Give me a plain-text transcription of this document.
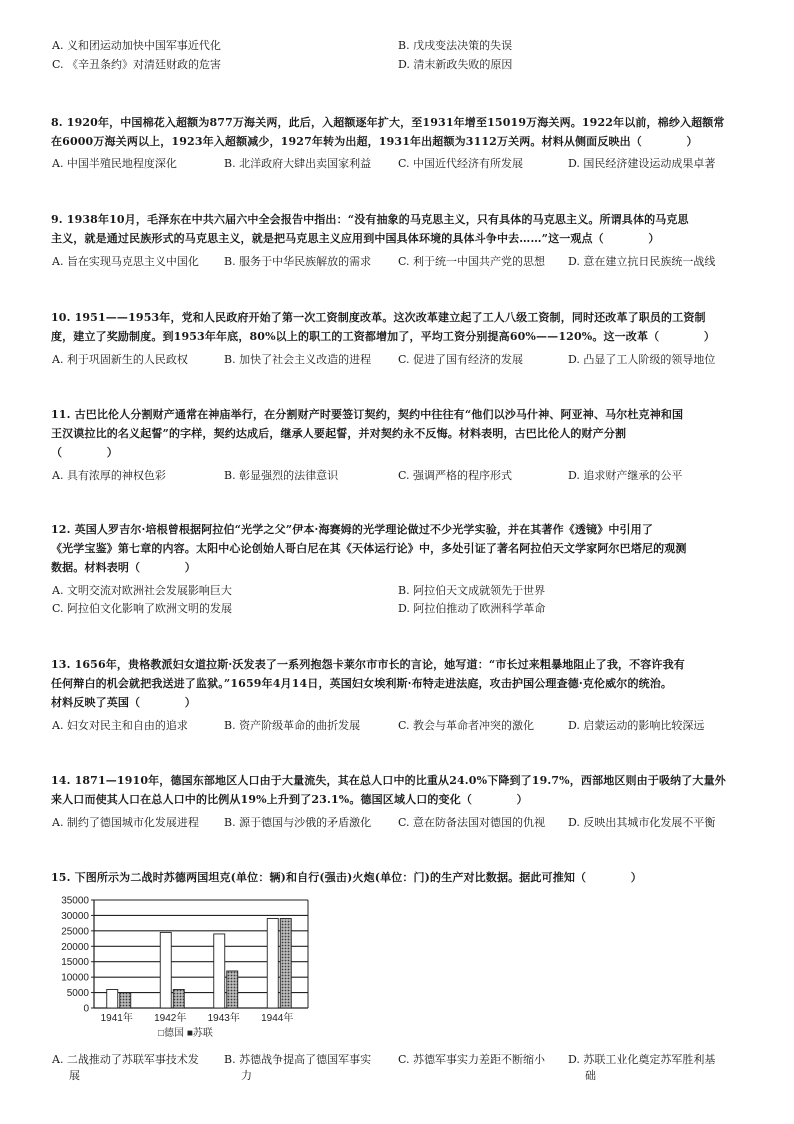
A. 义和团运动加快中国军事近代化	B. 戊戌变法决策的失误
C. 《辛丑条约》对清廷财政的危害	D. 清末新政失败的原因
8. 1920年，中国棉花入超额为877万海关两，此后，入超额逐年扩大，至1931年增至15019万海关两。1922年以前，棉纱入超额常
在6000万海关两以上，1923年入超额减少，1927年转为出超，1931年出超额为3112万关两。材料从侧面反映出（　　　　）
A. 中国半殖民地程度深化	B. 北洋政府大肆出卖国家利益 C. 中国近代经济有所发展	D. 国民经济建设运动成果卓著
9. 1938年10月，毛泽东在中共六届六中全会报告中指出：“没有抽象的马克思主义，只有具体的马克思主义。所谓具体的马克思
主义，就是通过民族形式的马克思主义，就是把马克思主义应用到中国具体环境的具体斗争中去……”这一观点（　　　　）
A. 旨在实现马克思主义中国化 B. 服务于中华民族解放的需求 C. 利于统一中国共产党的思想 D. 意在建立抗日民族统一战线
10. 1951——1953年，党和人民政府开始了第一次工资制度改革。这次改革建立起了工人八级工资制，同时还改革了职员的工资制
度，建立了奖励制度。到1953年年底，80%以上的职工的工资都增加了，平均工资分别提高60%——120%。这一改革（　　　　）
A. 利于巩固新生的人民政权	B. 加快了社会主义改造的进程 C. 促进了国有经济的发展	D. 凸显了工人阶级的领导地位
11. 古巴比伦人分割财产通常在神庙举行，在分割财产时要签订契约，契约中往往有“他们以沙马什神、阿亚神、马尔杜克神和国
王汉谟拉比的名义起誓”的字样，契约达成后，继承人要起誓，并对契约永不反悔。材料表明，古巴比伦人的财产分割
（　　　　）
A. 具有浓厚的神权色彩	B. 彰显强烈的法律意识	C. 强调严格的程序形式	D. 追求财产继承的公平
12. 英国人罗吉尔·培根曾根据阿拉伯“光学之父”伊本·海赛姆的光学理论做过不少光学实验，并在其著作《透镜》中引用了
《光学宝鉴》第七章的内容。太阳中心论创始人哥白尼在其《天体运行论》中，多处引证了著名阿拉伯天文学家阿尔巴塔尼的观测
数据。材料表明（　　　　）
A. 文明交流对欧洲社会发展影响巨大	B. 阿拉伯天文成就领先于世界
C. 阿拉伯文化影响了欧洲文明的发展	D. 阿拉伯推动了欧洲科学革命
13. 1656年，贵格教派妇女道拉斯·沃发表了一系列抱怨卡莱尔市市长的言论，她写道：“市长过来粗暴地阻止了我，不容许我有
任何辩白的机会就把我送进了监狱。”1659年4月14日，英国妇女埃利斯·布特走进法庭，攻击护国公理查德·克伦威尔的统治。
材料反映了英国（　　　　）
A. 妇女对民主和自由的追求	B. 资产阶级革命的曲折发展	C. 教会与革命者冲突的激化	D. 启蒙运动的影响比较深远
14. 1871—1910年，德国东部地区人口由于大量流失，其在总人口中的比重从24.0%下降到了19.7%，西部地区则由于吸纳了大量外
来人口而使其人口在总人口中的比例从19%上升到了23.1%。德国区域人口的变化（　　　　）
A. 制约了德国城市化发展进程 B. 源于德国与沙俄的矛盾激化 C. 意在防备法国对德国的仇视 D. 反映出其城市化发展不平衡
15. 下图所示为二战时苏德两国坦克(单位：辆)和自行(强击)火炮(单位：门)的生产对比数据。据此可推知（　　　　）
0
5000
10000
15000
20000
25000
30000
35000
1941年 1942年 1943年 1944年
□德国 ■苏联
A. 二战推动了苏联军事技术发
展
B. 苏德战争提高了德国军事实
力
C. 苏德军事实力差距不断缩小 D. 苏联工业化奠定苏军胜利基
础
